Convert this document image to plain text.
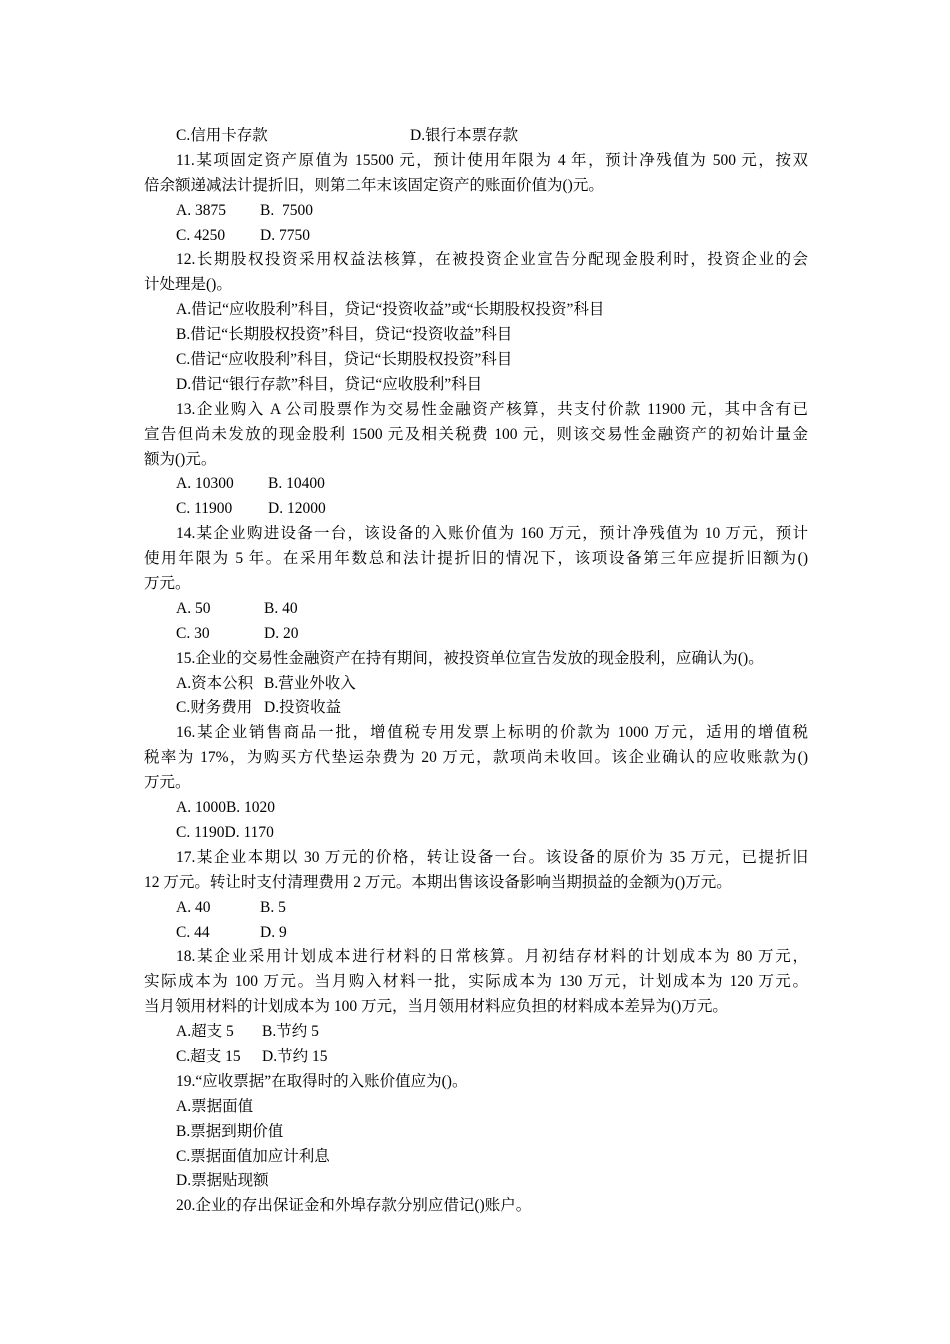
C.信用卡存款	D.银行本票存款
11.某项固定资产原值为 15500 元，预计使用年限为 4 年，预计净残值为 500 元，按双
倍余额递减法计提折旧，则第二年末该固定资产的账面价值为()元。
A. 3875	B.  7500
C. 4250	D. 7750
12.长期股权投资采用权益法核算，在被投资企业宣告分配现金股利时，投资企业的会
计处理是()。
A.借记“应收股利”科目，贷记“投资收益”或“长期股权投资”科目
B.借记“长期股权投资”科目，贷记“投资收益”科目
C.借记“应收股利”科目，贷记“长期股权投资”科目
D.借记“银行存款”科目，贷记“应收股利”科目
13.企业购入 A 公司股票作为交易性金融资产核算，共支付价款 11900 元，其中含有已
宣告但尚未发放的现金股利 1500 元及相关税费 100 元，则该交易性金融资产的初始计量金
额为()元。
A. 10300	B. 10400
C. 11900	D. 12000
14.某企业购进设备一台，该设备的入账价值为 160 万元，预计净残值为 10 万元，预计
使用年限为 5 年。在采用年数总和法计提折旧的情况下，该项设备第三年应提折旧额为()
万元。
A. 50	B. 40
C. 30	D. 20
15.企业的交易性金融资产在持有期间，被投资单位宣告发放的现金股利，应确认为()。
A.资本公积 B.营业外收入
C.财务费用 D.投资收益
16.某企业销售商品一批，增值税专用发票上标明的价款为 1000 万元，适用的增值税
税率为 17%，为购买方代垫运杂费为 20 万元，款项尚未收回。该企业确认的应收账款为()
万元。
A. 1000B. 1020
C. 1190D. 1170
17.某企业本期以 30 万元的价格，转让设备一台。该设备的原价为 35 万元，已提折旧
12 万元。转让时支付清理费用 2 万元。本期出售该设备影响当期损益的金额为()万元。
A. 40	B. 5
C. 44	D. 9
18.某企业采用计划成本进行材料的日常核算。月初结存材料的计划成本为 80 万元，
实际成本为 100 万元。当月购入材料一批，实际成本为 130 万元，计划成本为 120 万元。
当月领用材料的计划成本为 100 万元，当月领用材料应负担的材料成本差异为()万元。
A.超支 5	B.节约 5
C.超支 15	D.节约 15
19.“应收票据”在取得时的入账价值应为()。
A.票据面值
B.票据到期价值
C.票据面值加应计利息
D.票据贴现额
20.企业的存出保证金和外埠存款分别应借记()账户。
